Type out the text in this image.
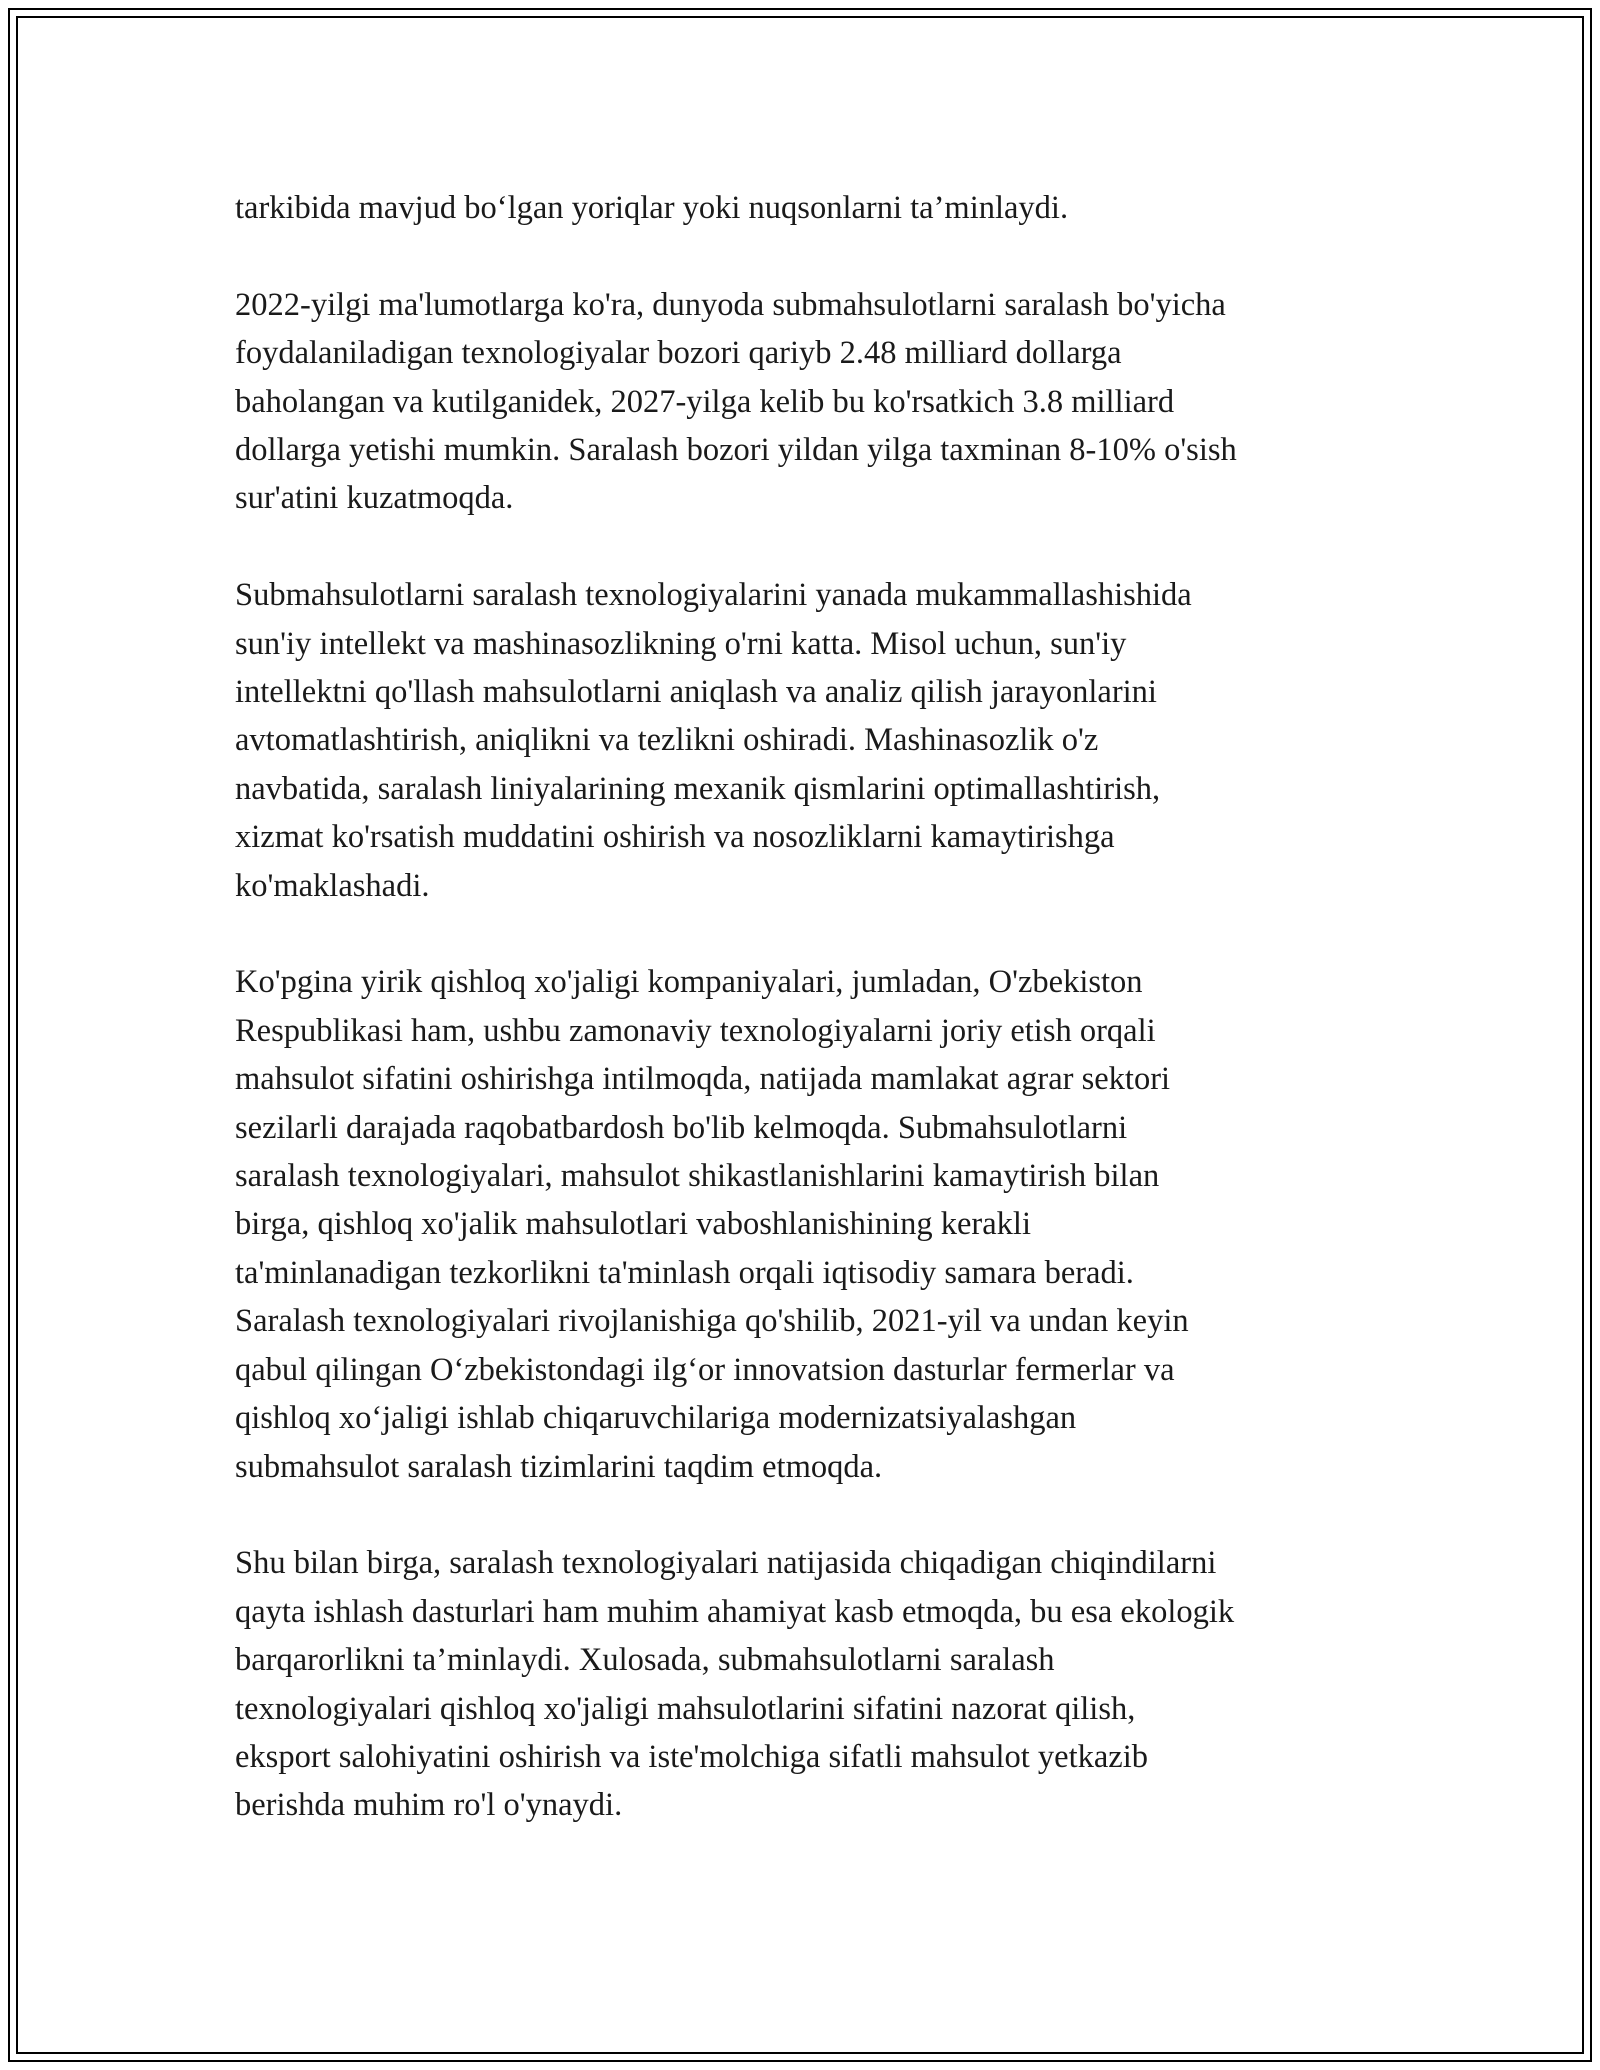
tarkibida mavjud bo‘lgan yoriqlar yoki nuqsonlarni ta’minlaydi.

2022-yilgi ma'lumotlarga ko'ra, dunyoda submahsulotlarni saralash bo'yicha
foydalaniladigan texnologiyalar bozori qariyb 2.48 milliard dollarga
baholangan va kutilganidek, 2027-yilga kelib bu ko'rsatkich 3.8 milliard
dollarga yetishi mumkin. Saralash bozori yildan yilga taxminan 8-10% o'sish
sur'atini kuzatmoqda.

Submahsulotlarni saralash texnologiyalarini yanada mukammallashishida
sun'iy intellekt va mashinasozlikning o'rni katta. Misol uchun, sun'iy
intellektni qo'llash mahsulotlarni aniqlash va analiz qilish jarayonlarini
avtomatlashtirish, aniqlikni va tezlikni oshiradi. Mashinasozlik o'z
navbatida, saralash liniyalarining mexanik qismlarini optimallashtirish,
xizmat ko'rsatish muddatini oshirish va nosozliklarni kamaytirishga
ko'maklashadi.

Ko'pgina yirik qishloq xo'jaligi kompaniyalari, jumladan, O'zbekiston
Respublikasi ham, ushbu zamonaviy texnologiyalarni joriy etish orqali
mahsulot sifatini oshirishga intilmoqda, natijada mamlakat agrar sektori
sezilarli darajada raqobatbardosh bo'lib kelmoqda. Submahsulotlarni
saralash texnologiyalari, mahsulot shikastlanishlarini kamaytirish bilan
birga, qishloq xo'jalik mahsulotlari vaboshlanishining kerakli
ta'minlanadigan tezkorlikni ta'minlash orqali iqtisodiy samara beradi.
Saralash texnologiyalari rivojlanishiga qo'shilib, 2021-yil va undan keyin
qabul qilingan O‘zbekistondagi ilg‘or innovatsion dasturlar fermerlar va
qishloq xo‘jaligi ishlab chiqaruvchilariga modernizatsiyalashgan
submahsulot saralash tizimlarini taqdim etmoqda.

Shu bilan birga, saralash texnologiyalari natijasida chiqadigan chiqindilarni
qayta ishlash dasturlari ham muhim ahamiyat kasb etmoqda, bu esa ekologik
barqarorlikni ta’minlaydi. Xulosada, submahsulotlarni saralash
texnologiyalari qishloq xo'jaligi mahsulotlarini sifatini nazorat qilish,
eksport salohiyatini oshirish va iste'molchiga sifatli mahsulot yetkazib
berishda muhim ro'l o'ynaydi.
